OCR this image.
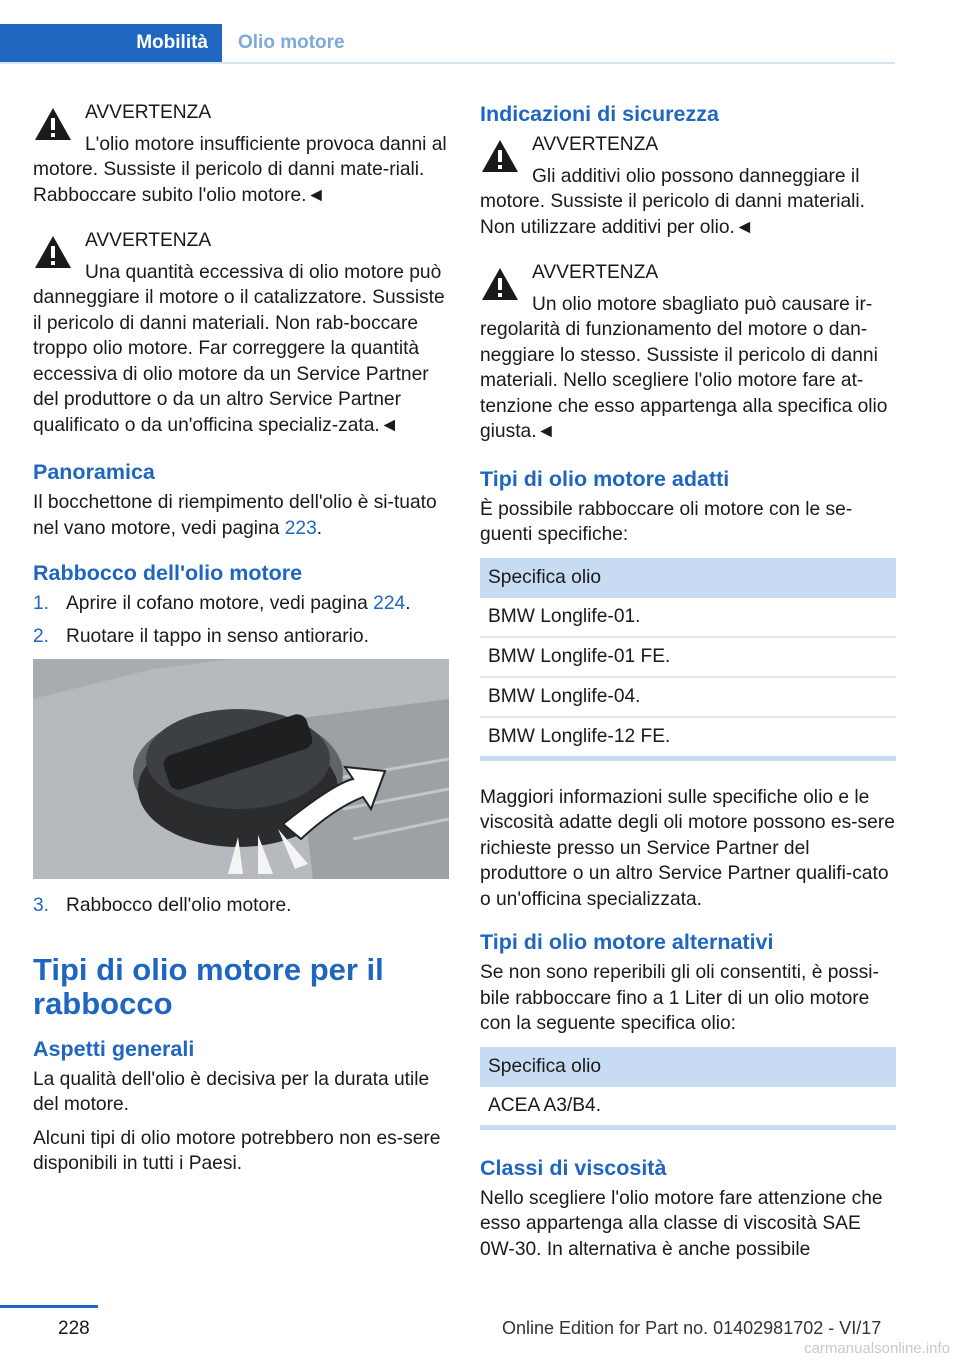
Mobilità	Olio motore
AVVERTENZA

L'olio motore insufficiente provoca danni al motore. Sussiste il pericolo di danni mate-riali. Rabboccare subito l'olio motore.◄

AVVERTENZA

Una quantità eccessiva di olio motore può danneggiare il motore o il catalizzatore. Sussiste il pericolo di danni materiali. Non rab-boccare troppo olio motore. Far correggere la quantità eccessiva di olio motore da un Service Partner del produttore o da un altro Service Partner qualificato o da un'officina specializ-zata.◄

Panoramica

Il bocchettone di riempimento dell'olio è si-tuato nel vano motore, vedi pagina 223.

Rabbocco dell'olio motore
1. Aprire il cofano motore, vedi pagina 224.
2. Ruotare il tappo in senso antiorario.
3. Rabbocco dell'olio motore.
Tipi di olio motore per il rabbocco
Aspetti generali

La qualità dell'olio è decisiva per la durata utile del motore.

Alcuni tipi di olio motore potrebbero non es-sere disponibili in tutti i Paesi.

Indicazioni di sicurezza
AVVERTENZA

Gli additivi olio possono danneggiare il motore. Sussiste il pericolo di danni materiali. Non utilizzare additivi per olio.◄

AVVERTENZA

Un olio motore sbagliato può causare ir-regolarità di funzionamento del motore o dan-neggiare lo stesso. Sussiste il pericolo di danni materiali. Nello scegliere l'olio motore fare at-tenzione che esso appartenga alla specifica olio giusta.◄

Tipi di olio motore adatti

È possibile rabboccare oli motore con le se-guenti specifiche:

Specifica olio
BMW Longlife-01.
BMW Longlife-01 FE.
BMW Longlife-04.
BMW Longlife-12 FE.

Maggiori informazioni sulle specifiche olio e le viscosità adatte degli oli motore possono es-sere richieste presso un Service Partner del produttore o un altro Service Partner qualifi-cato o un'officina specializzata.

Tipi di olio motore alternativi

Se non sono reperibili gli oli consentiti, è possi-bile rabboccare fino a 1 Liter di un olio motore con la seguente specifica olio:

Specifica olio
ACEA A3/B4.
Classi di viscosità

Nello scegliere l'olio motore fare attenzione che esso appartenga alla classe di viscosità SAE 0W-30. In alternativa è anche possibile

228	Online Edition for Part no. 01402981702 - VI/17
carmanualsonline.info
